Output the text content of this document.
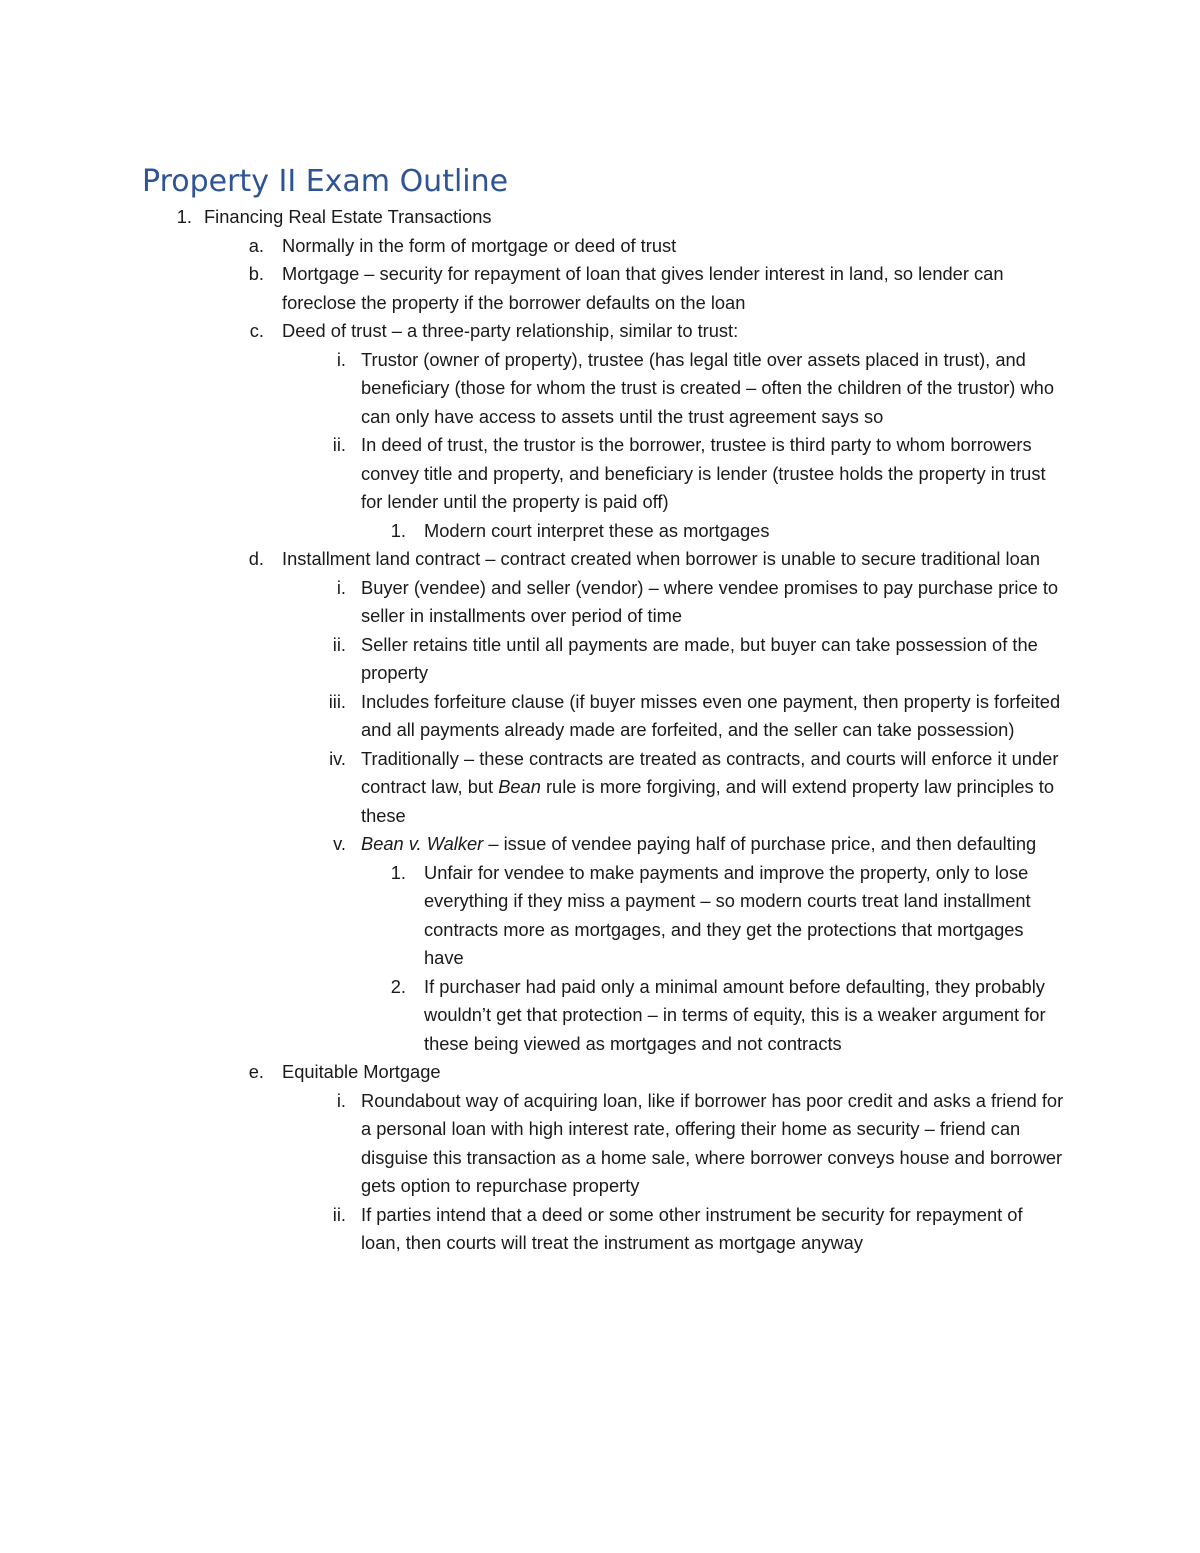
Property II Exam Outline
1. Financing Real Estate Transactions
a. Normally in the form of mortgage or deed of trust
b. Mortgage – security for repayment of loan that gives lender interest in land, so lender can foreclose the property if the borrower defaults on the loan
c. Deed of trust – a three-party relationship, similar to trust:
i. Trustor (owner of property), trustee (has legal title over assets placed in trust), and beneficiary (those for whom the trust is created – often the children of the trustor) who can only have access to assets until the trust agreement says so
ii. In deed of trust, the trustor is the borrower, trustee is third party to whom borrowers convey title and property, and beneficiary is lender (trustee holds the property in trust for lender until the property is paid off)
1. Modern court interpret these as mortgages
d. Installment land contract – contract created when borrower is unable to secure traditional loan
i. Buyer (vendee) and seller (vendor) – where vendee promises to pay purchase price to seller in installments over period of time
ii. Seller retains title until all payments are made, but buyer can take possession of the property
iii. Includes forfeiture clause (if buyer misses even one payment, then property is forfeited and all payments already made are forfeited, and the seller can take possession)
iv. Traditionally – these contracts are treated as contracts, and courts will enforce it under contract law, but Bean rule is more forgiving, and will extend property law principles to these
v. Bean v. Walker – issue of vendee paying half of purchase price, and then defaulting
1. Unfair for vendee to make payments and improve the property, only to lose everything if they miss a payment – so modern courts treat land installment contracts more as mortgages, and they get the protections that mortgages have
2. If purchaser had paid only a minimal amount before defaulting, they probably wouldn’t get that protection – in terms of equity, this is a weaker argument for these being viewed as mortgages and not contracts
e. Equitable Mortgage
i. Roundabout way of acquiring loan, like if borrower has poor credit and asks a friend for a personal loan with high interest rate, offering their home as security – friend can disguise this transaction as a home sale, where borrower conveys house and borrower gets option to repurchase property
ii. If parties intend that a deed or some other instrument be security for repayment of loan, then courts will treat the instrument as mortgage anyway
